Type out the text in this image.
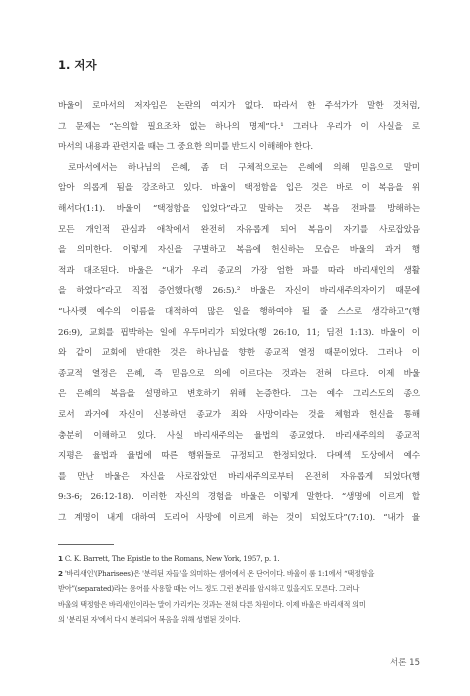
1. 저자
바울이 로마서의 저자임은 논란의 여지가 없다. 따라서 한 주석가가 말한 것처럼,
그 문제는 “논의할 필요조차 없는 하나의 명제”다.¹ 그러나 우리가 이 사실을 로
마서의 내용과 관련지을 때는 그 중요한 의미를 반드시 이해해야 한다.
로마서에서는 하나님의 은혜, 좀 더 구체적으로는 은혜에 의해 믿음으로 말미
암아 의롭게 됨을 강조하고 있다. 바울이 택정함을 입은 것은 바로 이 복음을 위
해서다(1:1). 바울이 “택정함을 입었다”라고 말하는 것은 복음 전파를 방해하는
모든 개인적 관심과 애착에서 완전히 자유롭게 되어 복음이 자기를 사로잡았음
을 의미한다. 이렇게 자신을 구별하고 복음에 헌신하는 모습은 바울의 과거 행
적과 대조된다. 바울은 “내가 우리 종교의 가장 엄한 파를 따라 바리새인의 생활
을 하였다”라고 직접 증언했다(행 26:5).² 바울은 자신이 바리새주의자이기 때문에
“나사렛 예수의 이름을 대적하여 많은 일을 행하여야 될 줄 스스로 생각하고”(행
26:9), 교회를 핍박하는 일에 우두머리가 되었다(행 26:10, 11; 딤전 1:13). 바울이 이
와 같이 교회에 반대한 것은 하나님을 향한 종교적 열정 때문이었다. 그러나 이
종교적 열정은 은혜, 즉 믿음으로 의에 이르다는 것과는 전혀 다르다. 이제 바울
은 은혜의 복음을 설명하고 변호하기 위해 논증한다. 그는 예수 그리스도의 종으
로서 과거에 자신이 신봉하던 종교가 죄와 사망이라는 것을 체험과 헌신을 통해
충분히 이해하고 있다. 사실 바리새주의는 율법의 종교였다. 바리새주의의 종교적
지평은 율법과 율법에 따른 행위들로 규정되고 한정되었다. 다메섹 도상에서 예수
를 만난 바울은 자신을 사로잡았던 바리새주의로부터 온전히 자유롭게 되었다(행
9:3-6; 26:12-18). 이러한 자신의 경험을 바울은 이렇게 말한다. “생명에 이르게 할
그 계명이 내게 대하여 도리어 사망에 이르게 하는 것이 되었도다”(7:10). “내가 율
1 C. K. Barrett, The Epistle to the Romans, New York, 1957, p. 1.
2 '바리새인'(Pharisees)은 '분리된 자들'을 의미하는 셈어에서 온 단어이다. 바울이 롬 1:1에서 “택정함을
받아”(separated)라는 용어를 사용할 때는 어느 정도 그런 분리를 암시하고 있을지도 모른다. 그러나
바울의 택정함은 바리새인이라는 말이 가리키는 것과는 전혀 다른 차원이다. 이제 바울은 바리새적 의미
의 '분리된 자'에서 다시 분리되어 복음을 위해 성별된 것이다.
서론 15
